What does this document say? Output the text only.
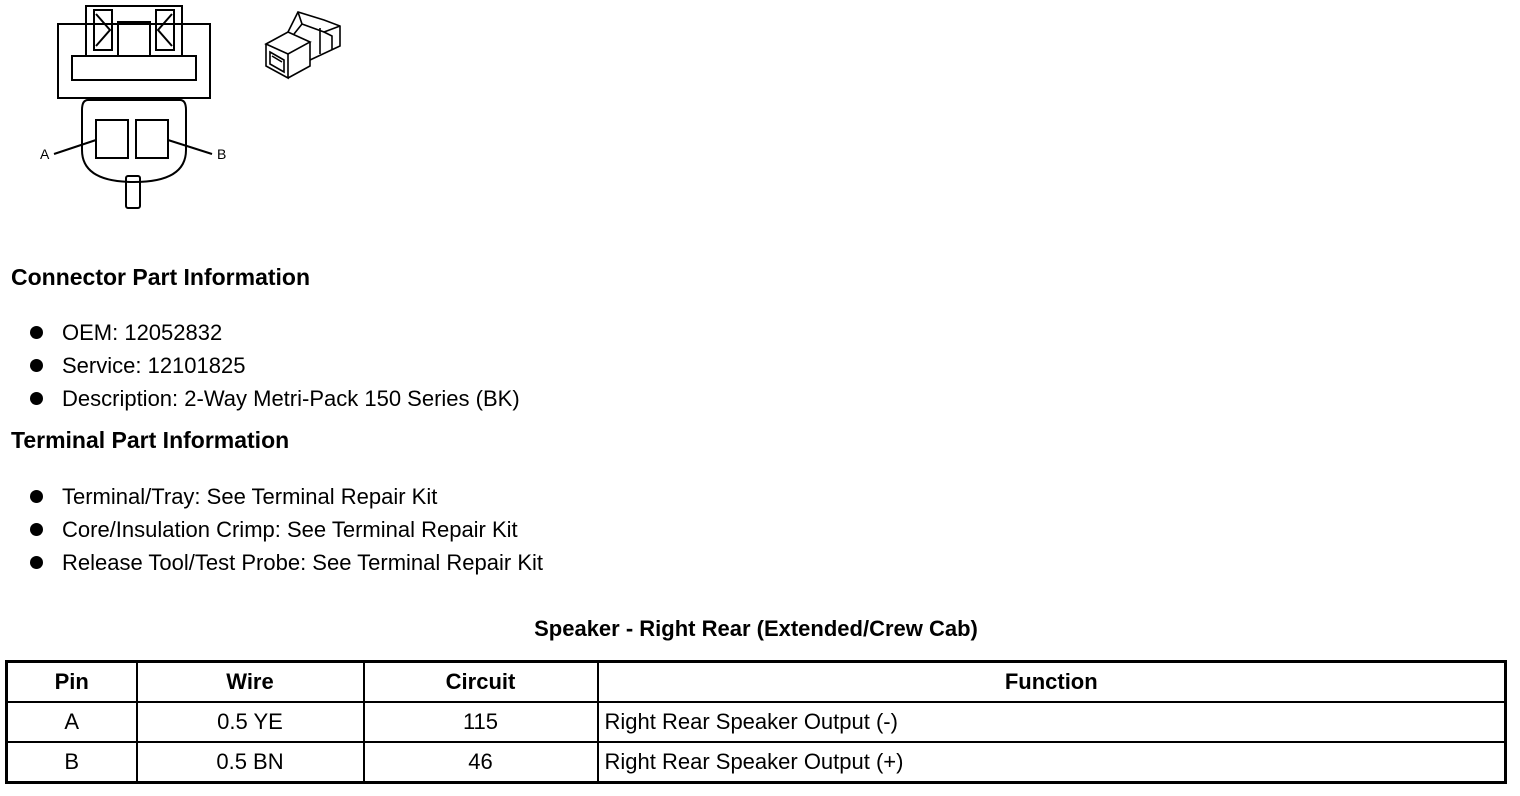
A	B
Connector Part Information
OEM: 12052832
Service: 12101825
Description: 2-Way Metri-Pack 150 Series (BK)
Terminal Part Information
Terminal/Tray: See Terminal Repair Kit
Core/Insulation Crimp: See Terminal Repair Kit
Release Tool/Test Probe: See Terminal Repair Kit
Speaker - Right Rear (Extended/Crew Cab)
Pin	Wire	Circuit	Function
A	0.5 YE	115	Right Rear Speaker Output (-)
B	0.5 BN	46	Right Rear Speaker Output (+)
